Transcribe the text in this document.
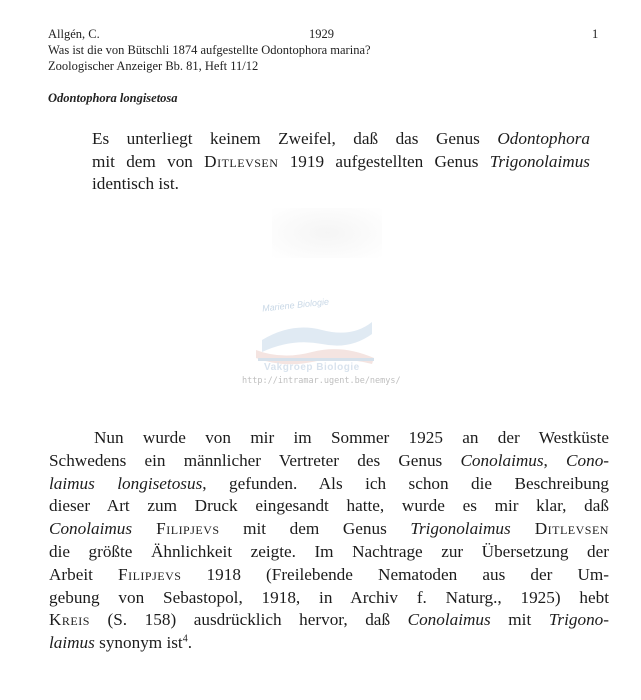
Allgén, C.	1929	1
Was ist die von Bütschli 1874 aufgestellte Odontophora marina?
Zoologischer Anzeiger Bb. 81, Heft 11/12
Odontophora longisetosa
Es unterliegt keinem Zweifel, daß das Genus Odontophora
mit dem von Ditlevsen 1919 aufgestellten Genus Trigonolaimus
identisch ist.
Mariene Biologie
Vakgroep Biologie
http://intramar.ugent.be/nemys/
Nun wurde von mir im Sommer 1925 an der Westküste
Schwedens ein männlicher Vertreter des Genus Conolaimus, Cono-
laimus longisetosus, gefunden. Als ich schon die Beschreibung
dieser Art zum Druck eingesandt hatte, wurde es mir klar, daß
Conolaimus Filipjevs mit dem Genus Trigonolaimus Ditlevsen
die größte Ähnlichkeit zeigte. Im Nachtrage zur Übersetzung der
Arbeit Filipjevs 1918 (Freilebende Nematoden aus der Um-
gebung von Sebastopol, 1918, in Archiv f. Naturg., 1925) hebt
Kreis (S. 158) ausdrücklich hervor, daß Conolaimus mit Trigono-
laimus synonym ist$^4$.
